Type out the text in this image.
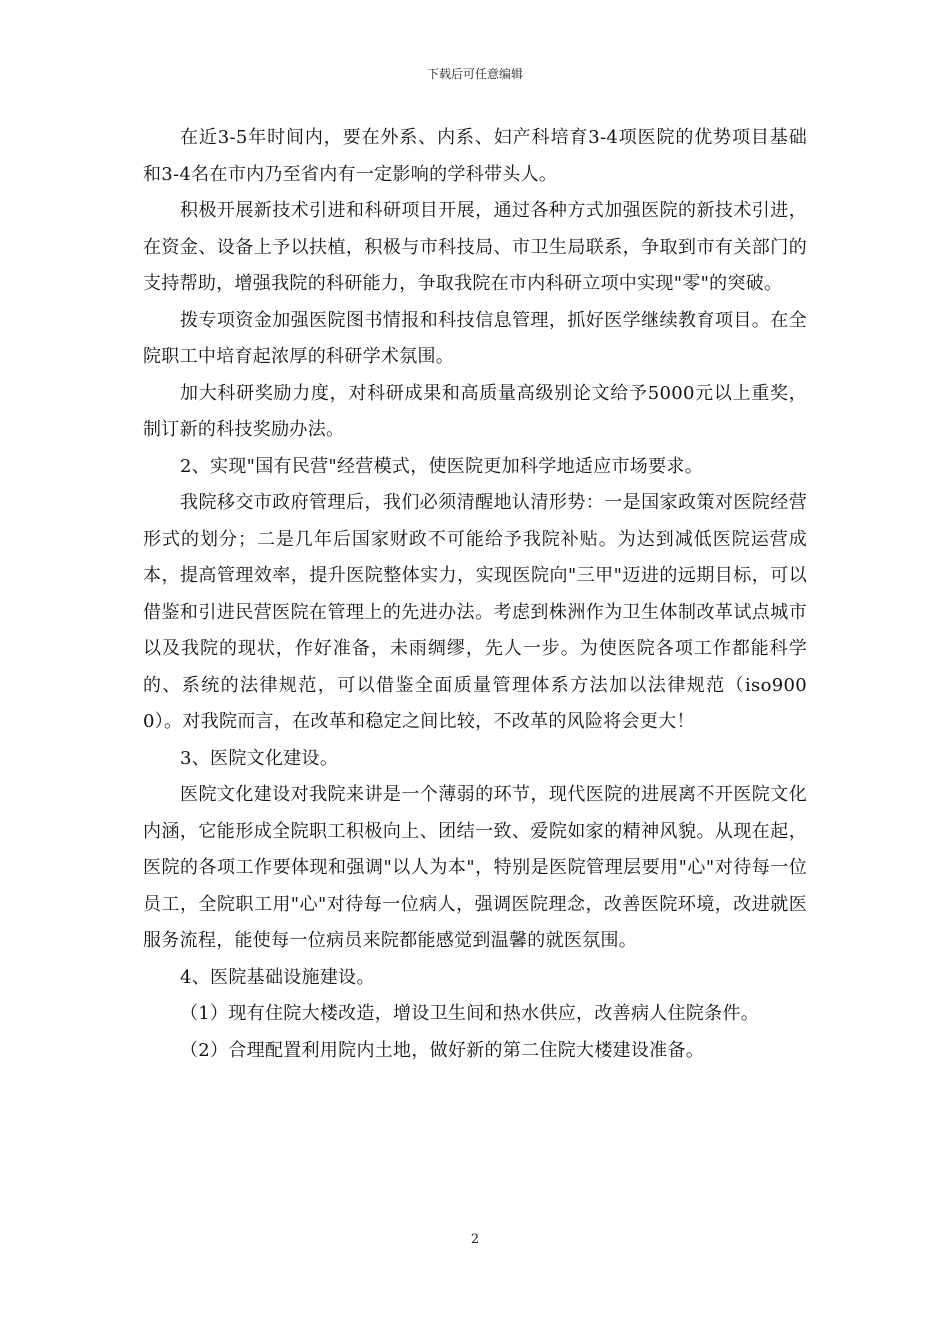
下载后可任意编辑

在近3-5年时间内，要在外系、内系、妇产科培育3-4项医院的优势项目基础和3-4名在市内乃至省内有一定影响的学科带头人。

积极开展新技术引进和科研项目开展，通过各种方式加强医院的新技术引进，在资金、设备上予以扶植，积极与市科技局、市卫生局联系，争取到市有关部门的支持帮助，增强我院的科研能力，争取我院在市内科研立项中实现"零"的突破。

拨专项资金加强医院图书情报和科技信息管理，抓好医学继续教育项目。在全院职工中培育起浓厚的科研学术氛围。

加大科研奖励力度，对科研成果和高质量高级别论文给予5000元以上重奖，制订新的科技奖励办法。

2、实现"国有民营"经营模式，使医院更加科学地适应市场要求。

我院移交市政府管理后，我们必须清醒地认清形势：一是国家政策对医院经营形式的划分；二是几年后国家财政不可能给予我院补贴。为达到减低医院运营成本，提高管理效率，提升医院整体实力，实现医院向"三甲"迈进的远期目标，可以借鉴和引进民营医院在管理上的先进办法。考虑到株洲作为卫生体制改革试点城市以及我院的现状，作好准备，未雨绸缪，先人一步。为使医院各项工作都能科学的、系统的法律规范，可以借鉴全面质量管理体系方法加以法律规范（iso9000）。对我院而言，在改革和稳定之间比较，不改革的风险将会更大！

3、医院文化建设。

医院文化建设对我院来讲是一个薄弱的环节，现代医院的进展离不开医院文化内涵，它能形成全院职工积极向上、团结一致、爱院如家的精神风貌。从现在起，医院的各项工作要体现和强调"以人为本"，特别是医院管理层要用"心"对待每一位员工，全院职工用"心"对待每一位病人，强调医院理念，改善医院环境，改进就医服务流程，能使每一位病员来院都能感觉到温馨的就医氛围。

4、医院基础设施建设。

（1）现有住院大楼改造，增设卫生间和热水供应，改善病人住院条件。

（2）合理配置利用院内土地，做好新的第二住院大楼建设准备。

2
